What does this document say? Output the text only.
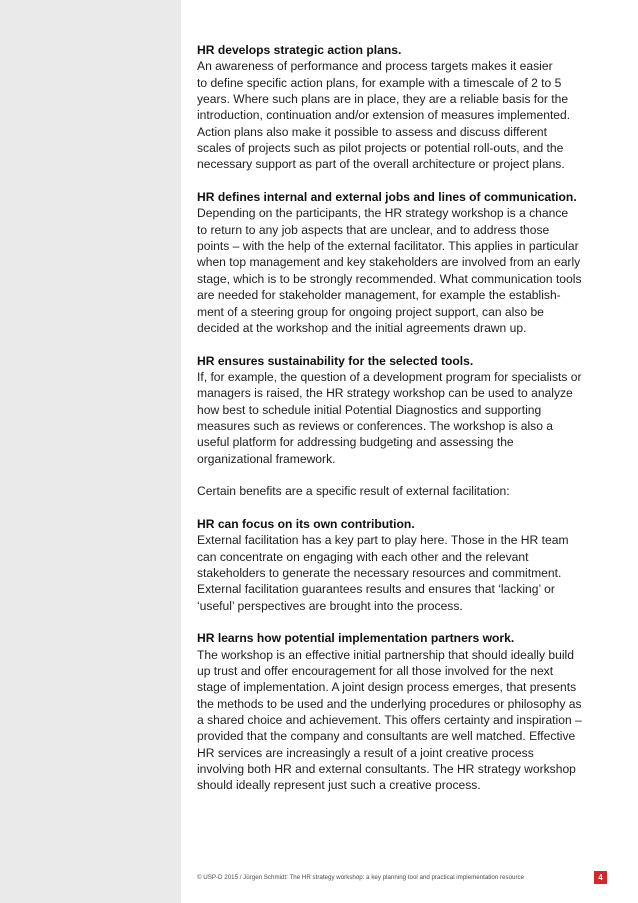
HR develops strategic action plans.

An awareness of performance and process targets makes it easier
to define specific action plans, for example with a timescale of 2 to 5
years. Where such plans are in place, they are a reliable basis for the
introduction, continuation and/or extension of measures implemented.
Action plans also make it possible to assess and discuss different
scales of projects such as pilot projects or potential roll-outs, and the
necessary support as part of the overall architecture or project plans.

HR defines internal and external jobs and lines of communication.

Depending on the participants, the HR strategy workshop is a chance
to return to any job aspects that are unclear, and to address those
points – with the help of the external facilitator. This applies in particular
when top management and key stakeholders are involved from an early
stage, which is to be strongly recommended. What communication tools
are needed for stakeholder management, for example the establish-
ment of a steering group for ongoing project support, can also be
decided at the workshop and the initial agreements drawn up.

HR ensures sustainability for the selected tools.

If, for example, the question of a development program for specialists or
managers is raised, the HR strategy workshop can be used to analyze
how best to schedule initial Potential Diagnostics and supporting
measures such as reviews or conferences. The workshop is also a
useful platform for addressing budgeting and assessing the
organizational framework.

Certain benefits are a specific result of external facilitation:

HR can focus on its own contribution.

External facilitation has a key part to play here. Those in the HR team
can concentrate on engaging with each other and the relevant
stakeholders to generate the necessary resources and commitment.
External facilitation guarantees results and ensures that ‘lacking’ or
‘useful’ perspectives are brought into the process.

HR learns how potential implementation partners work.

The workshop is an effective initial partnership that should ideally build
up trust and offer encouragement for all those involved for the next
stage of implementation. A joint design process emerges, that presents
the methods to be used and the underlying procedures or philosophy as
a shared choice and achievement. This offers certainty and inspiration –
provided that the company and consultants are well matched. Effective
HR services are increasingly a result of a joint creative process
involving both HR and external consultants. The HR strategy workshop
should ideally represent just such a creative process.

© USP-D 2015 / Jürgen Schmidt: The HR strategy workshop: a key planning tool and practical implementation resource	4
